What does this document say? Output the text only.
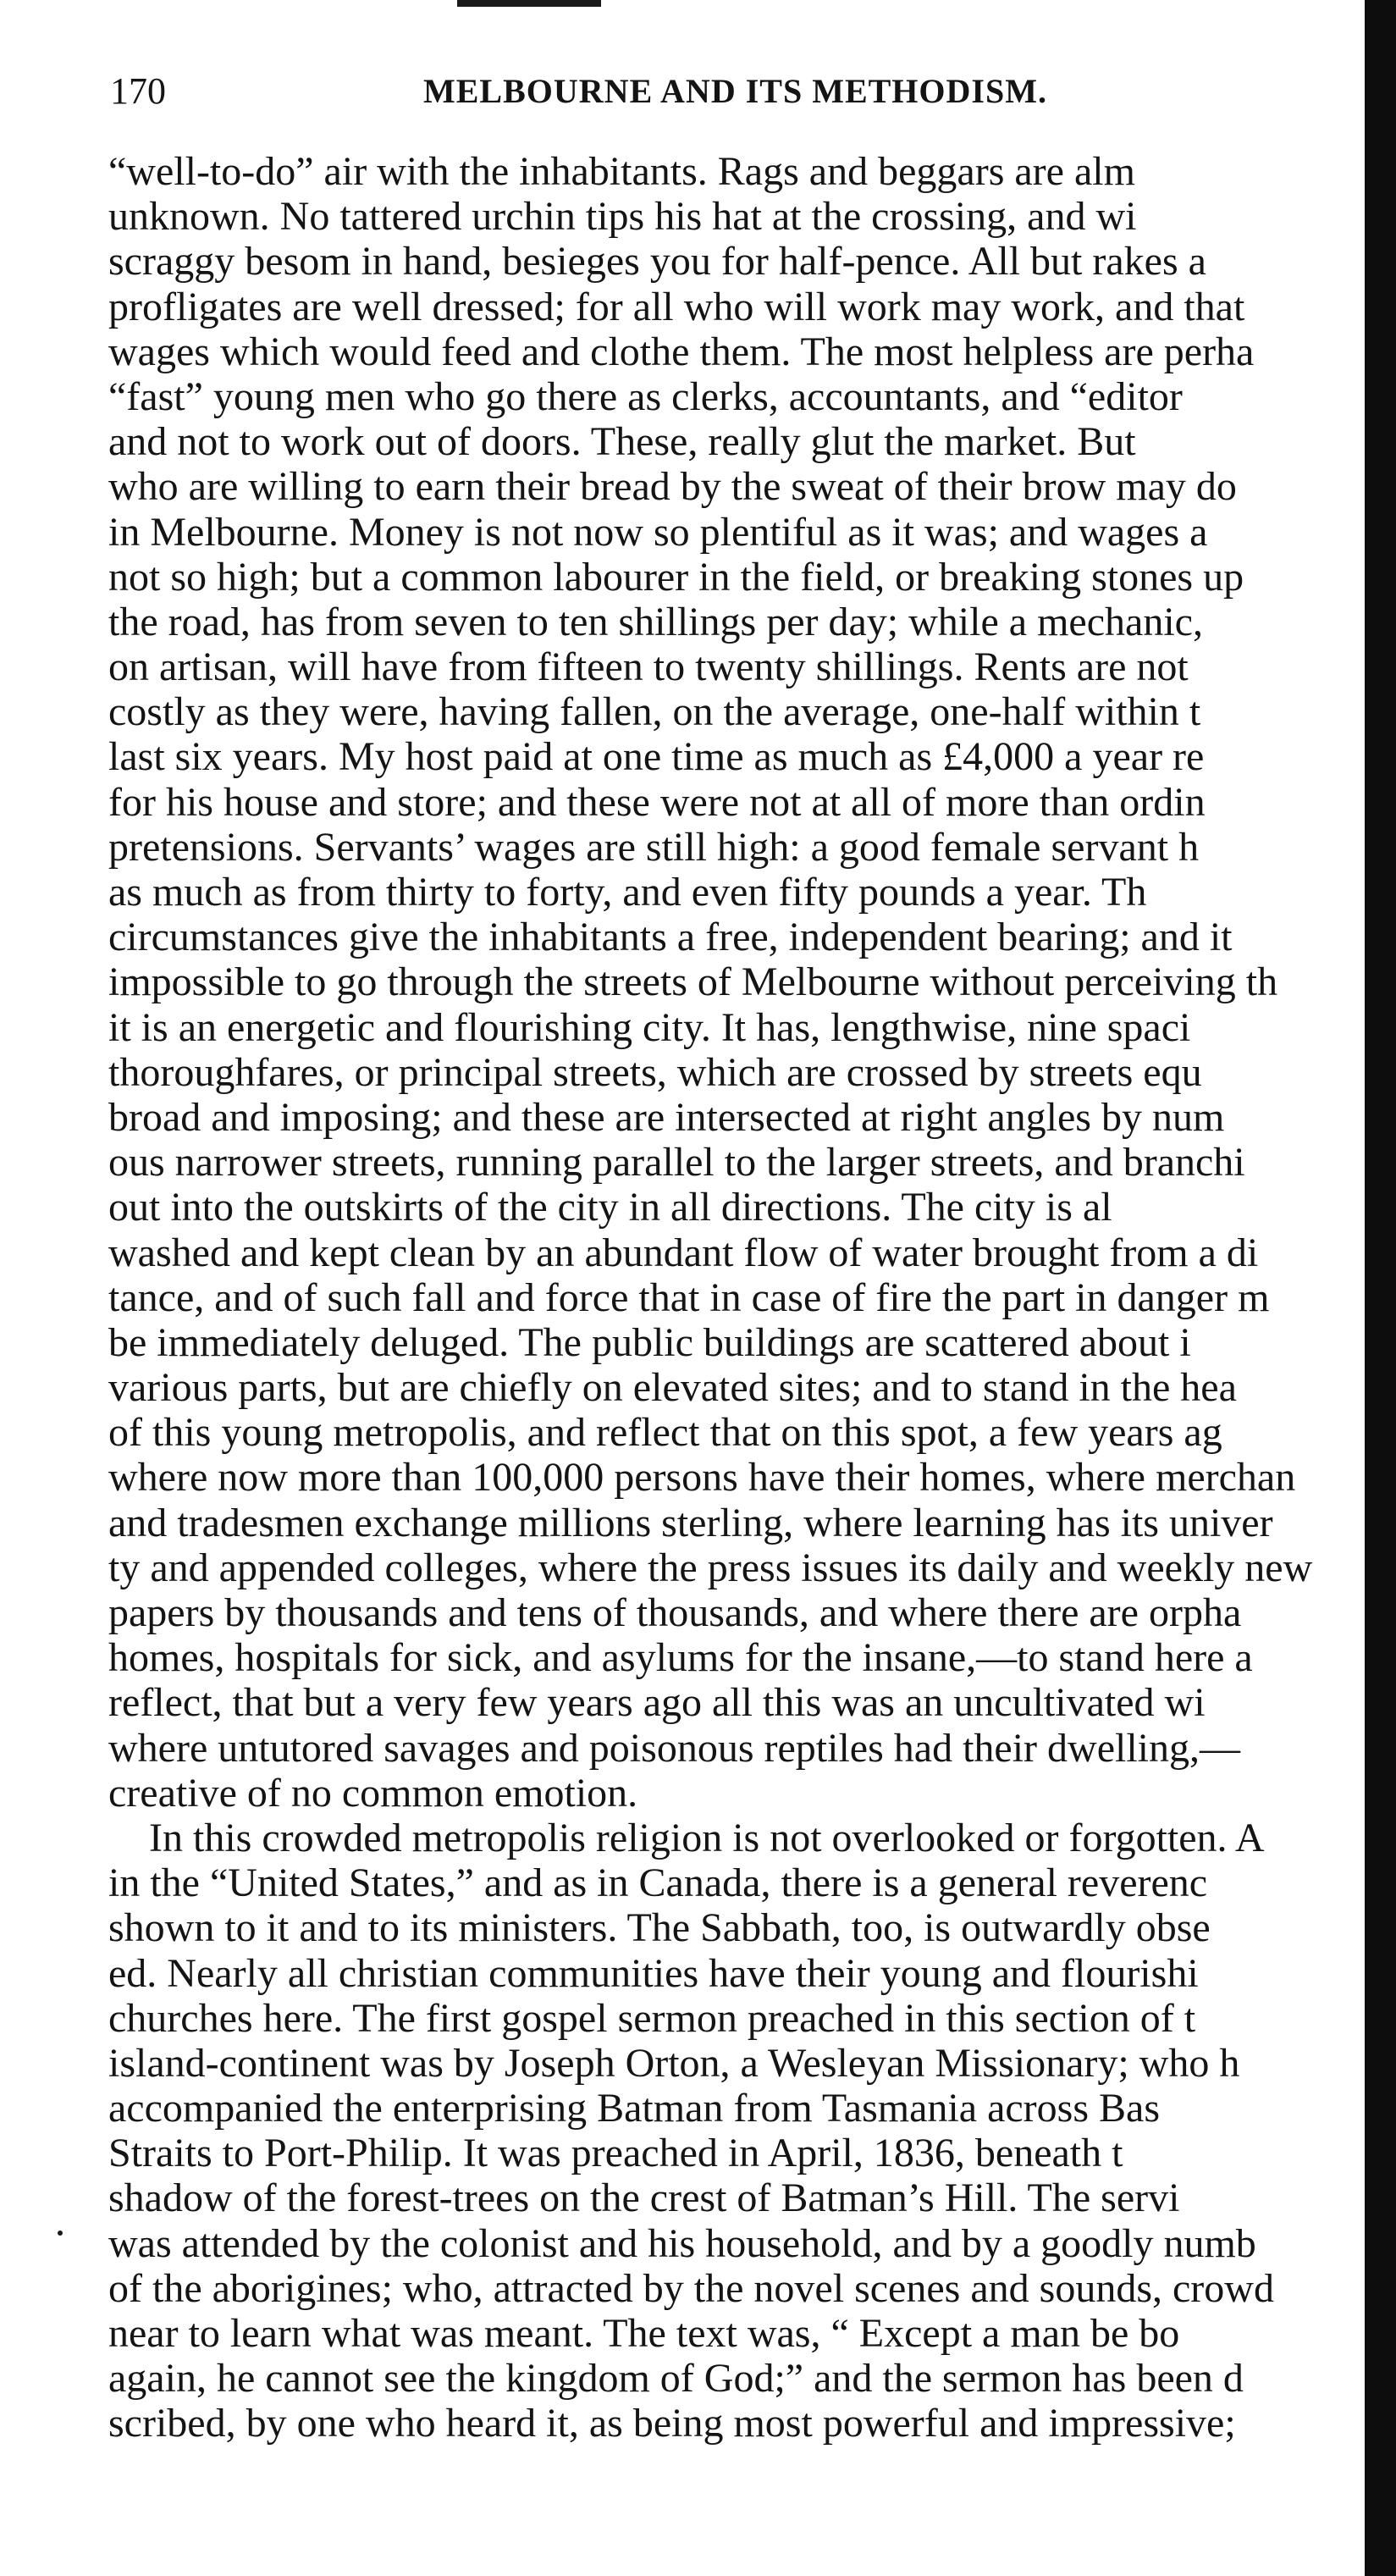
170	MELBOURNE AND ITS METHODISM.
“well-to-do” air with the inhabitants. Rags and beggars are alm
unknown. No tattered urchin tips his hat at the crossing, and wi
scraggy besom in hand, besieges you for half-pence. All but rakes a
profligates are well dressed; for all who will work may work, and that
wages which would feed and clothe them. The most helpless are perha
“fast” young men who go there as clerks, accountants, and “editor
and not to work out of doors. These, really glut the market. But
who are willing to earn their bread by the sweat of their brow may do
in Melbourne. Money is not now so plentiful as it was; and wages a
not so high; but a common labourer in the field, or breaking stones up
the road, has from seven to ten shillings per day; while a mechanic,
on artisan, will have from fifteen to twenty shillings. Rents are not
costly as they were, having fallen, on the average, one-half within t
last six years. My host paid at one time as much as £4,000 a year re
for his house and store; and these were not at all of more than ordin
pretensions. Servants’ wages are still high: a good female servant h
as much as from thirty to forty, and even fifty pounds a year. Th
circumstances give the inhabitants a free, independent bearing; and it
impossible to go through the streets of Melbourne without perceiving th
it is an energetic and flourishing city. It has, lengthwise, nine spaci
thoroughfares, or principal streets, which are crossed by streets equ
broad and imposing; and these are intersected at right angles by num
ous narrower streets, running parallel to the larger streets, and branchi
out into the outskirts of the city in all directions. The city is al
washed and kept clean by an abundant flow of water brought from a di
tance, and of such fall and force that in case of fire the part in danger m
be immediately deluged. The public buildings are scattered about i
various parts, but are chiefly on elevated sites; and to stand in the hea
of this young metropolis, and reflect that on this spot, a few years ag
where now more than 100,000 persons have their homes, where merchan
and tradesmen exchange millions sterling, where learning has its univer
ty and appended colleges, where the press issues its daily and weekly new
papers by thousands and tens of thousands, and where there are orpha
homes, hospitals for sick, and asylums for the insane,—to stand here a
reflect, that but a very few years ago all this was an uncultivated wi
where untutored savages and poisonous reptiles had their dwelling,—
creative of no common emotion.
In this crowded metropolis religion is not overlooked or forgotten. A
in the “United States,” and as in Canada, there is a general reverenc
shown to it and to its ministers. The Sabbath, too, is outwardly obse
ed. Nearly all christian communities have their young and flourishi
churches here. The first gospel sermon preached in this section of t
island-continent was by Joseph Orton, a Wesleyan Missionary; who h
accompanied the enterprising Batman from Tasmania across Bas
Straits to Port-Philip. It was preached in April, 1836, beneath t
shadow of the forest-trees on the crest of Batman’s Hill. The servi
was attended by the colonist and his household, and by a goodly numb
of the aborigines; who, attracted by the novel scenes and sounds, crowd
near to learn what was meant. The text was, “ Except a man be bo
again, he cannot see the kingdom of God;” and the sermon has been d
scribed, by one who heard it, as being most powerful and impressive;
